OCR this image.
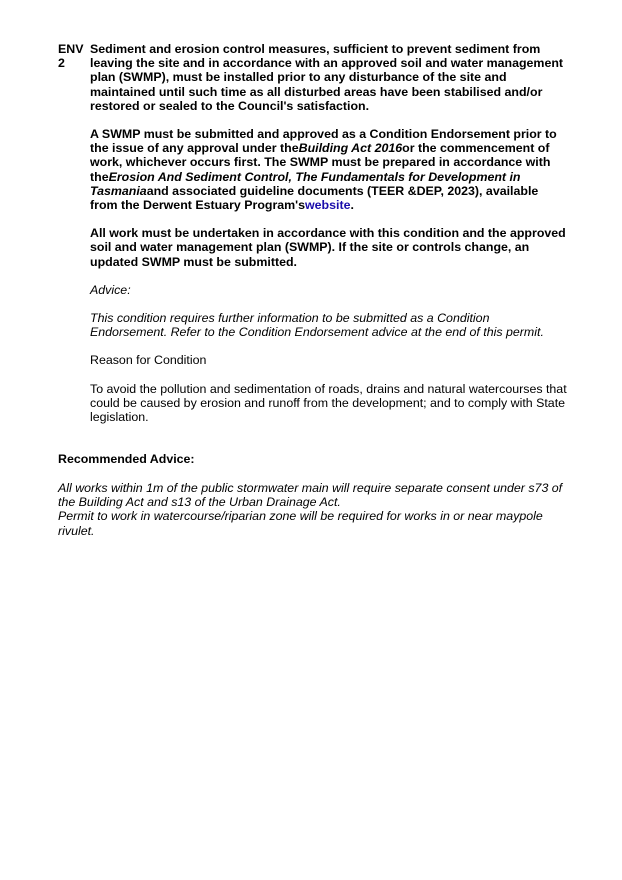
ENV
2

Sediment and erosion control measures, sufficient to prevent sediment from leaving the site and in accordance with an approved soil and water management plan (SWMP), must be installed prior to any disturbance of the site and maintained until such time as all disturbed areas have been stabilised and/or restored or sealed to the Council's satisfaction.

A SWMP must be submitted and approved as a Condition Endorsement prior to the issue of any approval under theBuilding Act 2016or the commencement of work, whichever occurs first. The SWMP must be prepared in accordance with theErosion And Sediment Control, The Fundamentals for Development in Tasmaniaand associated guideline documents (TEER &DEP, 2023), available from the Derwent Estuary Program'swebsite.

All work must be undertaken in accordance with this condition and the approved soil and water management plan (SWMP). If the site or controls change, an updated SWMP must be submitted.

Advice:

This condition requires further information to be submitted as a Condition Endorsement. Refer to the Condition Endorsement advice at the end of this permit.

Reason for Condition

To avoid the pollution and sedimentation of roads, drains and natural watercourses that could be caused by erosion and runoff from the development; and to comply with State legislation.

Recommended Advice:

All works within 1m of the public stormwater main will require separate consent under s73 of the Building Act and s13 of the Urban Drainage Act.

Permit to work in watercourse/riparian zone will be required for works in or near maypole rivulet.
